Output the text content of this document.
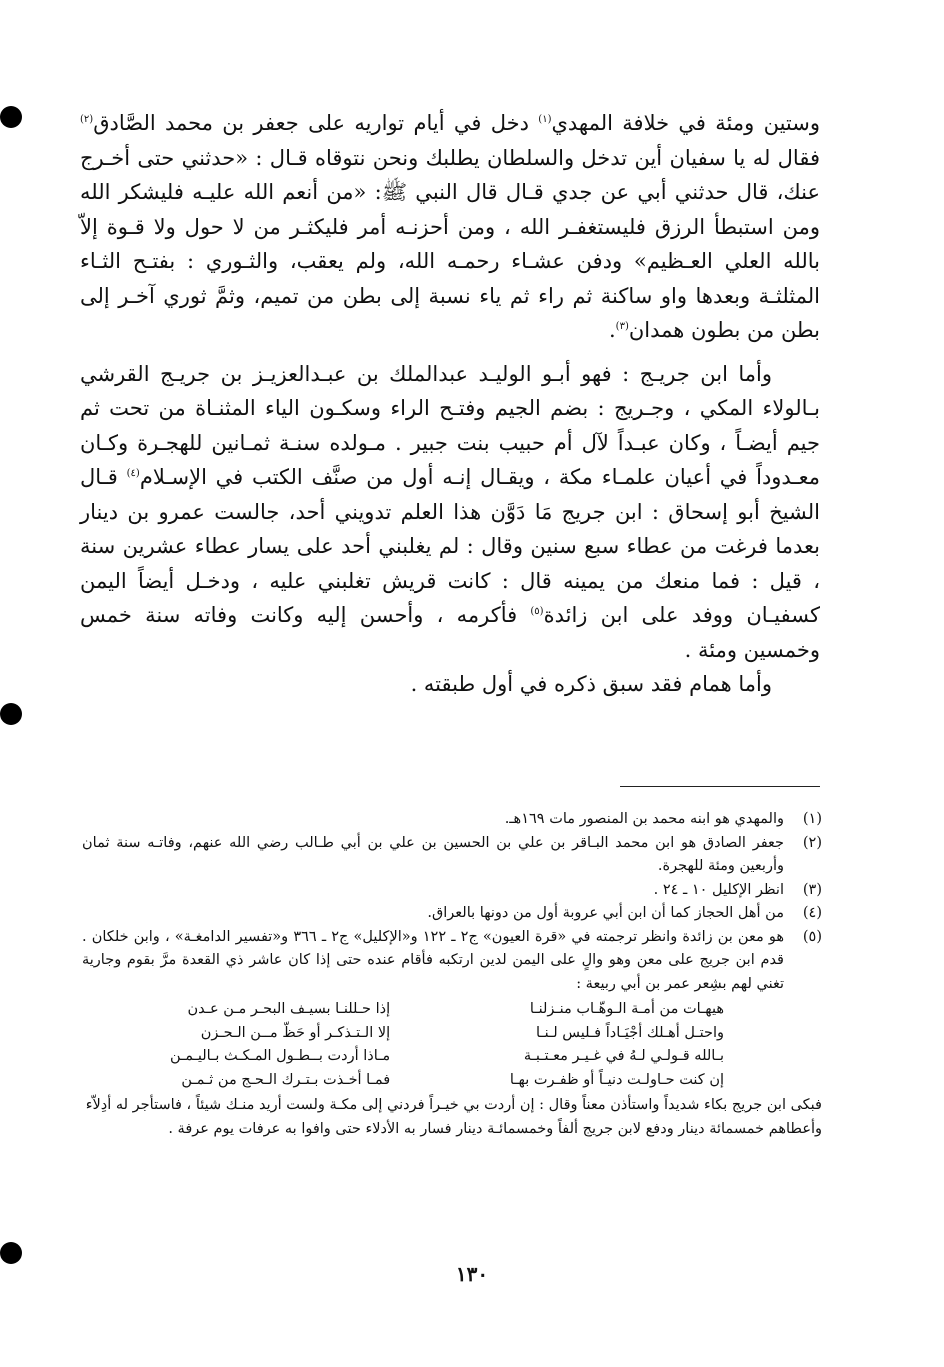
وستين ومئة في خلافة المهدي$^{(١)}$ دخل في أيام تواريه على جعفر بن محمد الصَّادق$^{(٢)}$ فقال له يا سفيان أين تدخل والسلطان يطلبك ونحن نتوقاه قـال : «حدثني حتى أخـرج عنك، قال حدثني أبي عن جدي قـال قال النبي ﷺ: «من أنعم الله عليـه فليشكر الله ومن استبطأ الرزق فليستغفـر الله ، ومن أحزنـه أمر فليكثـر من لا حول ولا قـوة إلاّ بالله العلي العـظيم» ودفن عشـاء رحمـه الله، ولم يعقب، والثـوري : بفتـح الثـاء المثلثـة وبعدها واو ساكنة ثم راء ثم ياء نسبة إلى بطن من تميم، وثمَّ ثوري آخـر إلى بطن من بطون همدان$^{(٣)}$.

وأما ابن جريـج : فهو أبـو الوليـد عبدالملك بن عبـدالعزيـز بن جريـج القرشي بـالولاء المكي ، وجـريج : بضم الجيم وفتـح الراء وسكـون الياء المثنـاة من تحت ثم جيم أيضـاً ، وكان عبـداً لآل أم حبيب بنت جبير . مـولده سنـة ثمـانين للهجـرة وكـان معـدوداً في أعيان علمـاء مكة ، ويقـال إنـه أول من صنَّف الكتب في الإسـلام$^{(٤)}$ قـال الشيخ أبو إسحاق : ابن جريج مَا دَوَّن هذا العلم تدويني أحد، جالست عمرو بن دينار بعدما فرغت من عطاء سبع سنين وقال : لم يغلبني أحد على يسار عطاء عشرين سنة ، قيل : فما منعك من يمينه قال : كانت قريش تغلبني عليه ، ودخـل أيضاً اليمن كسفيـان ووفد على ابن زائدة$^{(٥)}$ فأكرمه ، وأحسن إليه وكانت وفاته سنة خمس وخمسين ومئة .

وأما همام فقد سبق ذكره في أول طبقته .

(١)
والمهدي هو ابنه محمد بن المنصور مات ١٦٩هـ.
(٢)
جعفر الصادق هو ابن محمد البـاقر بن علي بن الحسين بن علي بن أبي طـالب رضي الله عنهم، وفاتـه سنة ثمان وأربعين ومئة للهجرة.
(٣)
انظر الإكليل ١٠ ـ ٢٤ .
(٤)
من أهل الحجاز كما أن ابن أبي عروبة أول من دونها بالعراق.
(٥)
هو معن بن زائدة وانظر ترجمته في «قرة العيون» ج٢ ـ ١٢٢ و«الإكليل» ج٢ ـ ٣٦٦ و«تفسير الدامغـة» ، وابن خلكان . قدم ابن جريج على معن وهو والٍ على اليمن لدين ارتكبه فأقام عنده حتى إذا كان عاشر ذي القعدة مرَّ بقوم وجارية تغني لهم بشِعر عمر بن أبي ربيعة :
هيهـات من أمـة الـوهّـاب منـزلنـا
إذا حـللنـا بسيـف البحـر مـن عـدن
واحتـل أهـلك أجْيَـاداً فـليس لـنـا
إلا الـتـذكـر أو حَظّ مــن الـحـزن
بـالله قـولـي لـهُ في غـيـر معـتـبـة
مـاذا أردت بــطـول المـكـث بـاليـمـن
إن كنت حـاولـت دنيـاً أو ظفـرت بهـا
فمـا أخـذت بـتـرك الـحـج من ثـمـن
فبكى ابن جريج بكاء شديداً واستأذن معناً وقال : إن أردت بي خيـراً فردني إلى مكـة ولست أريد منـك شيئاً ، فاستأجر له أدِلاّء وأعطاهم خمسمائة دينار ودفع لابن جريج ألفاً وخمسمائـة دينار فسار به الأدلاء حتى وافوا به عرفات يوم عرفة .
١٣٠
